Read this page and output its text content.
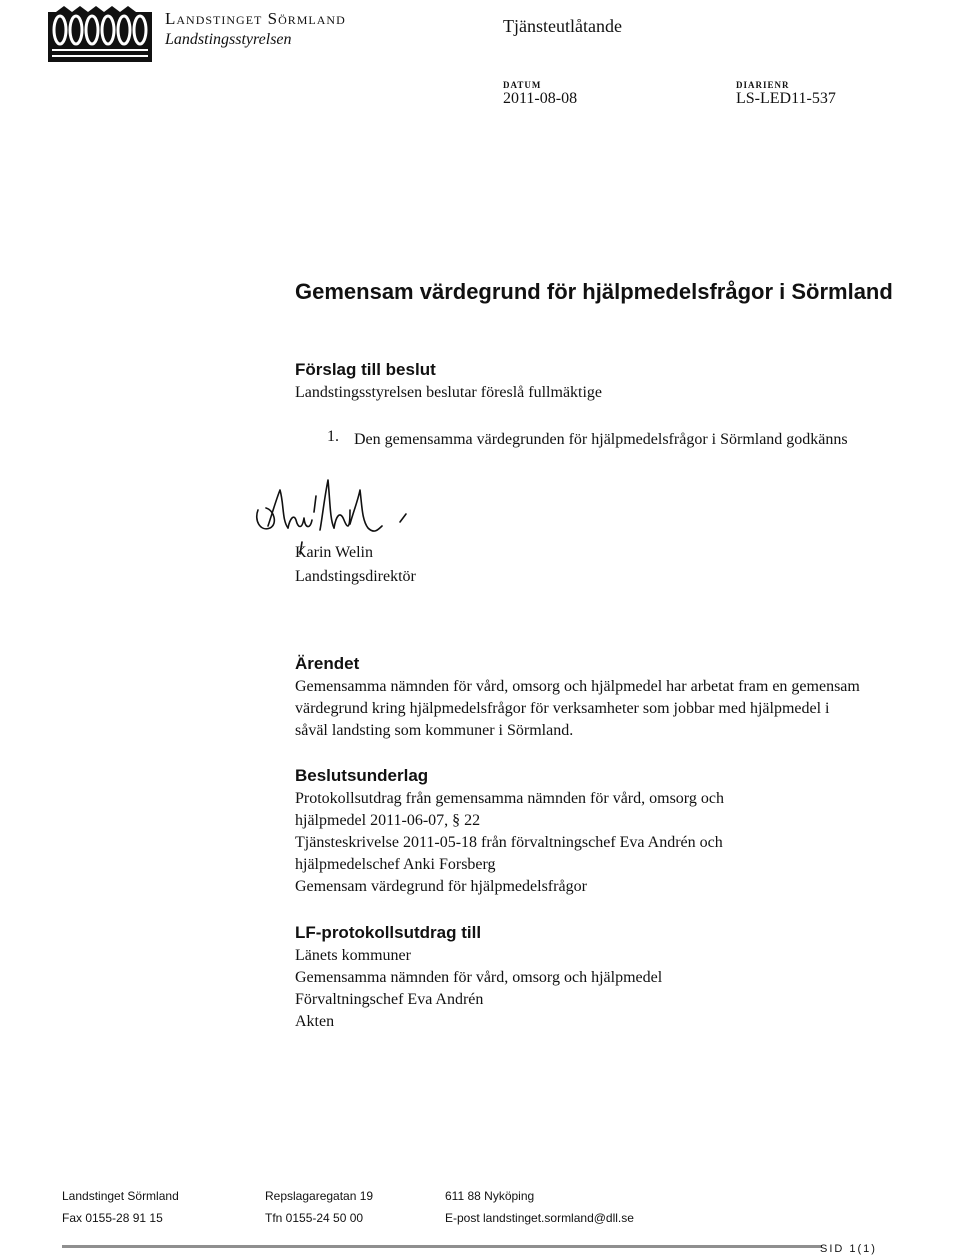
Landstinget Sörmland
Landstingsstyrelsen
Tjänsteutlåtande
DATUM
2011-08-08
DIARIENR
LS-LED11-537
Gemensam värdegrund för hjälpmedelsfrågor i Sörmland
Förslag till beslut
Landstingsstyrelsen beslutar föreslå fullmäktige
1. Den gemensamma värdegrunden för hjälpmedelsfrågor i Sörmland godkänns
Karin Welin
Landstingsdirektör
Ärendet
Gemensamma nämnden för vård, omsorg och hjälpmedel har arbetat fram en gemensam värdegrund kring hjälpmedelsfrågor för verksamheter som jobbar med hjälpmedel i såväl landsting som kommuner i Sörmland.
Beslutsunderlag
Protokollsutdrag från gemensamma nämnden för vård, omsorg och
hjälpmedel 2011-06-07, § 22
Tjänsteskrivelse 2011-05-18 från förvaltningschef Eva Andrén och
hjälpmedelschef Anki Forsberg
Gemensam värdegrund för hjälpmedelsfrågor
LF-protokollsutdrag till
Länets kommuner
Gemensamma nämnden för vård, omsorg och hjälpmedel
Förvaltningschef Eva Andrén
Akten
Landstinget Sörmland
Fax 0155-28 91 15
Repslagaregatan 19
Tfn 0155-24 50 00
611 88 Nyköping
E-post landstinget.sormland@dll.se
SID 1(1)
